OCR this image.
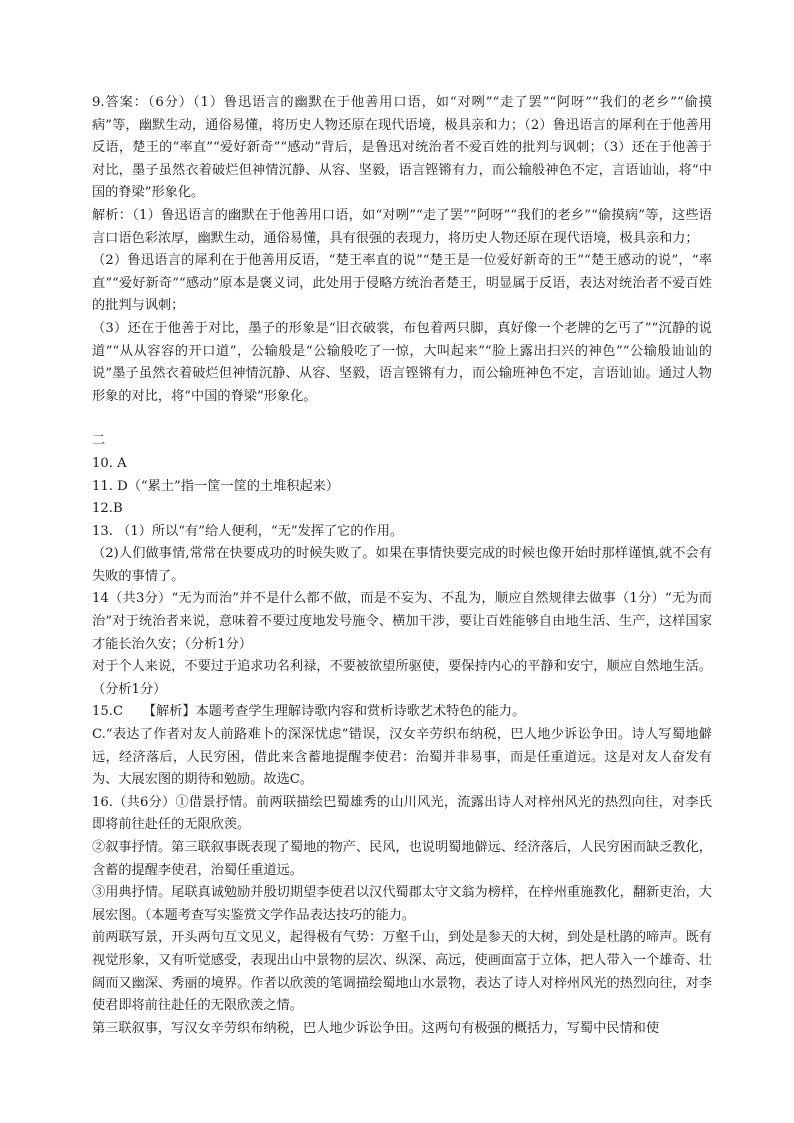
9.答案：（6分）（1）鲁迅语言的幽默在于他善用口语，如“对咧”“走了罢”“阿呀”“我们的老乡”“偷摸病”等，幽默生动，通俗易懂，将历史人物还原在现代语境，极具亲和力；（2）鲁迅语言的犀利在于他善用反语，楚王的“率直”“爱好新奇”“感动”背后，是鲁迅对统治者不爱百姓的批判与讽刺；（3）还在于他善于对比，墨子虽然衣着破烂但神情沉静、从容、坚毅，语言铿锵有力，而公输般神色不定，言语讪讪，将“中国的脊梁”形象化。

解析：（1）鲁迅语言的幽默在于他善用口语，如“对咧”“走了罢”“阿呀”“我们的老乡”“偷摸病”等，这些语言口语色彩浓厚，幽默生动，通俗易懂，具有很强的表现力，将历史人物还原在现代语境，极具亲和力；

（2）鲁迅语言的犀利在于他善用反语，“楚王率直的说”“楚王是一位爱好新奇的王”“楚王感动的说”，“率直”“爱好新奇”“感动”原本是褒义词，此处用于侵略方统治者楚王，明显属于反语，表达对统治者不爱百姓的批判与讽刺；

（3）还在于他善于对比，墨子的形象是“旧衣破裳，布包着两只脚，真好像一个老牌的乞丐了”“沉静的说道”“从从容容的开口道”，公输般是“公输般吃了一惊，大叫起来”“脸上露出扫兴的神色”“公输般讪讪的说”墨子虽然衣着破烂但神情沉静、从容、坚毅，语言铿锵有力，而公输班神色不定，言语讪讪。通过人物形象的对比，将“中国的脊梁”形象化。

二

10. A

11. D（“累土”指一筐一筐的土堆积起来）

12.B

13. （1）所以“有”给人便利，“无”发挥了它的作用。

（2)人们做事情,常常在快要成功的时候失败了。如果在事情快要完成的时候也像开始时那样谨慎,就不会有失败的事情了。

14（共3分）“无为而治”并不是什么都不做，而是不妄为、不乱为，顺应自然规律去做事（1分）“无为而治”对于统治者来说，意味着不要过度地发号施令、横加干涉，要让百姓能够自由地生活、生产，这样国家才能长治久安；（分析1分）

对于个人来说，不要过于追求功名利禄，不要被欲望所驱使，要保持内心的平静和安宁，顺应自然地生活。（分析1分）

15.C　　【解析】本题考查学生理解诗歌内容和赏析诗歌艺术特色的能力。

C.“表达了作者对友人前路难卜的深深忧虑”错误，汉女辛劳织布纳税，巴人地少诉讼争田。诗人写蜀地僻远，经济落后，人民穷困，借此来含蓄地提醒李使君：治蜀并非易事，而是任重道远。这是对友人奋发有为、大展宏图的期待和勉励。故选C。

16.（共6分）①借景抒情。前两联描绘巴蜀雄秀的山川风光，流露出诗人对梓州风光的热烈向往，对李氏即将前往赴任的无限欣羡。

②叙事抒情。第三联叙事既表现了蜀地的物产、民风，也说明蜀地僻远、经济落后，人民穷困而缺乏教化，含蓄的提醒李使君，治蜀任重道远。

③用典抒情。尾联真诚勉励并殷切期望李使君以汉代蜀郡太守文翁为榜样，在梓州重施教化，翻新吏治，大展宏图。（本题考查写实鉴赏文学作品表达技巧的能力。

前两联写景，开头两句互文见义，起得极有气势：万壑千山，到处是参天的大树，到处是杜鹃的啼声。既有视觉形象，又有听觉感受，表现出山中景物的层次、纵深、高远，使画面富于立体，把人带入一个雄奇、壮阔而又幽深、秀丽的境界。作者以欣羡的笔调描绘蜀地山水景物，表达了诗人对梓州风光的热烈向往，对李使君即将前往赴任的无限欣羡之情。

第三联叙事，写汉女辛劳织布纳税，巴人地少诉讼争田。这两句有极强的概括力，写蜀中民情和使
